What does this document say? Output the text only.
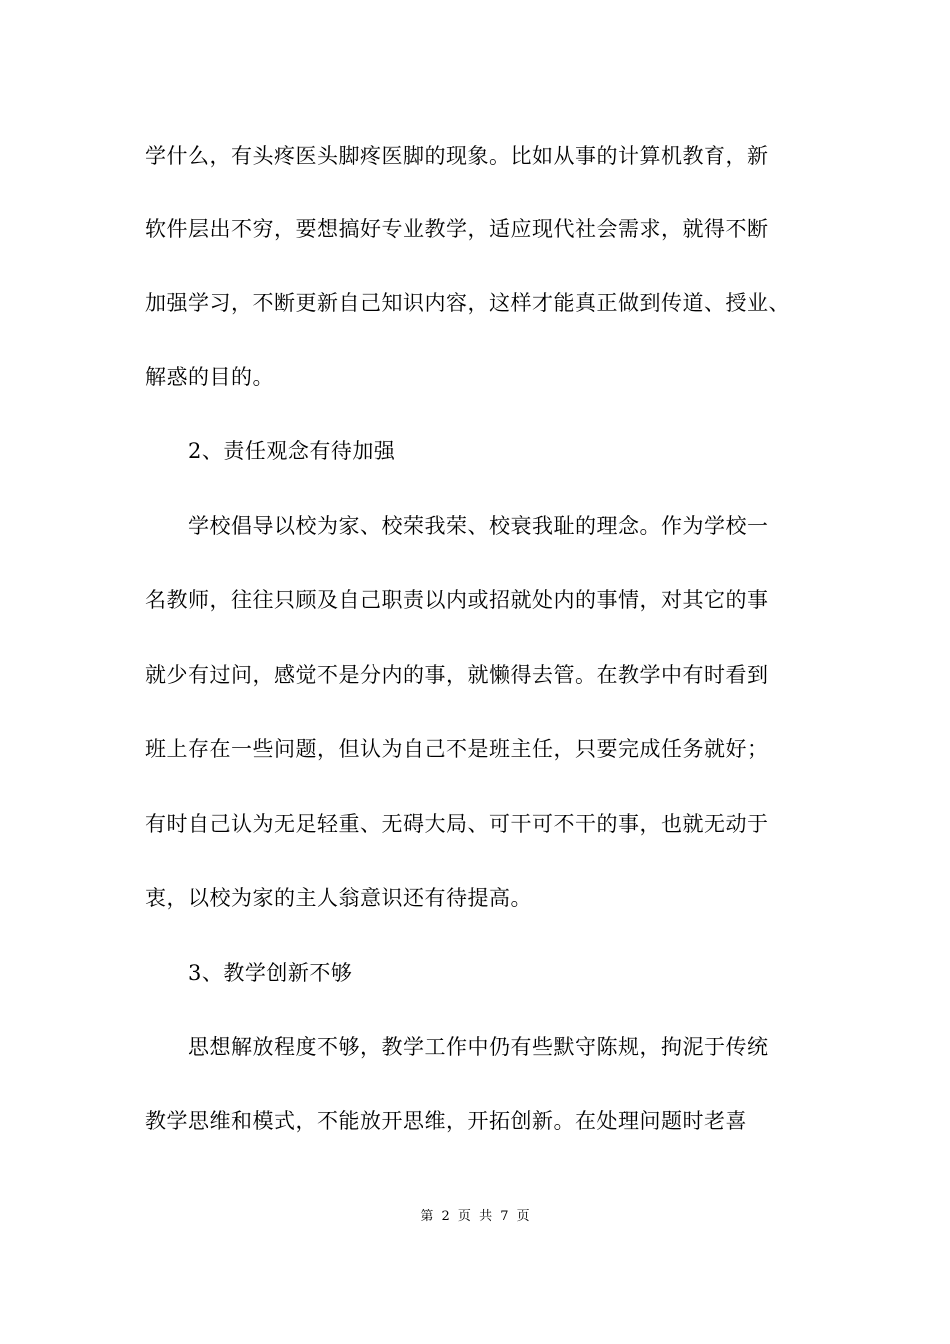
学什么，有头疼医头脚疼医脚的现象。比如从事的计算机教育，新
软件层出不穷，要想搞好专业教学，适应现代社会需求，就得不断
加强学习，不断更新自己知识内容，这样才能真正做到传道、授业、
解惑的目的。
2、责任观念有待加强
学校倡导以校为家、校荣我荣、校衰我耻的理念。作为学校一
名教师，往往只顾及自己职责以内或招就处内的事情，对其它的事
就少有过问，感觉不是分内的事，就懒得去管。在教学中有时看到
班上存在一些问题，但认为自己不是班主任，只要完成任务就好；
有时自己认为无足轻重、无碍大局、可干可不干的事，也就无动于
衷，以校为家的主人翁意识还有待提高。
3、教学创新不够
思想解放程度不够，教学工作中仍有些默守陈规，拘泥于传统
教学思维和模式，不能放开思维，开拓创新。在处理问题时老喜
第 2 页 共 7 页
